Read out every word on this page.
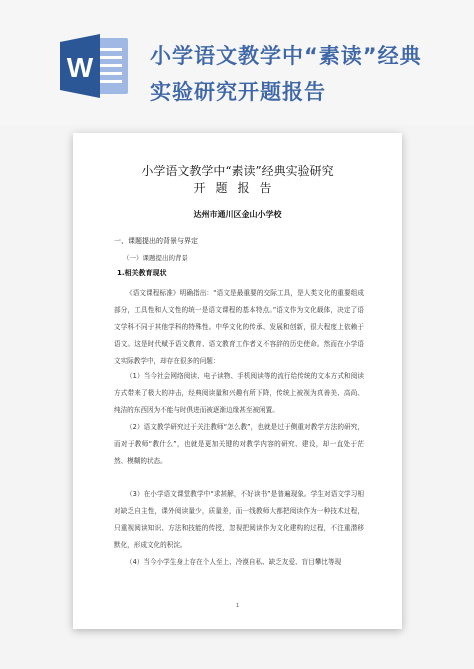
W	小学语文教学中“素读”经典
实验研究开题报告
小学语文教学中“素读”经典实验研究
开题报告
达州市通川区金山小学校
一、课题提出的背景与界定
（一）课题提出的背景
1.相关教育现状

《语文课程标准》明确指出：“语文是最重要的交际工具，是人类文化的重要组成部分，工具性和人文性的统一是语文课程的基本特点。”语文作为文化载体，决定了语文学科不同于其他学科的特殊性。中华文化的传承、发展和创新，很大程度上依赖于语文。这是时代赋予语文教育、语文教育工作者义不容辞的历史使命。然而在小学语文实际教学中，却存在很多的问题：

（1）当今社会网络阅读、电子读物、手机阅读等的流行给传统的文本方式和阅读方式带来了极大的冲击，经典阅读量和兴趣有所下降，传统上被视为真善美、高尚、纯洁的东西因为不能与时俱进而被逐渐边缘甚至被闲置。

（2）语文教学研究过于关注教师“怎么教”，也就是过于侧重对教学方法的研究，而对于教师“教什么”，也就是更加关键的对教学内容的研究、建设，却一直处于茫然、模糊的状态。

（3）在小学语文课堂教学中“求甚解，不好读书”是普遍现象。学生对语文学习相对缺乏自主性，课外阅读量少，质量差，而一线教师大都把阅读作为一种技术过程，只重视阅读知识、方法和技能的传授，忽视把阅读作为文化建构的过程，不注重潜移默化，形成文化的积淀。

（4）当今小学生身上存在个人至上、冷漠自私、缺乏友爱、盲目攀比等现

1
